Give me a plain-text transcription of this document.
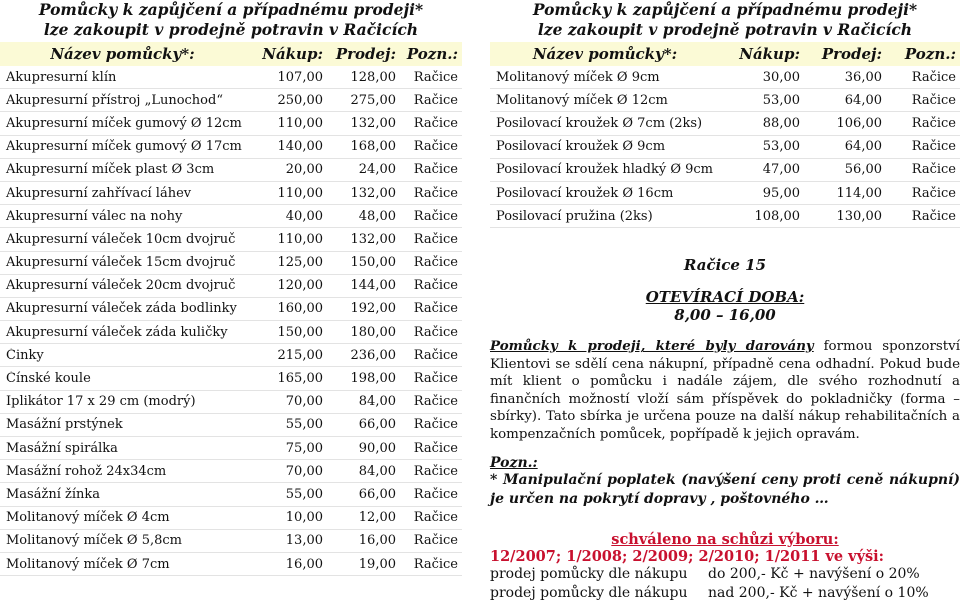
Pomůcky k zapůjčení a případnému prodeji*
lze zakoupit v prodejně potravin v Račicích
Název pomůcky*:	Nákup: Prodej: Pozn.:
Akupresurní klín	107,00	128,00	Račice
Akupresurní přístroj „Lunochod“	250,00	275,00	Račice
Akupresurní míček gumový Ø 12cm	110,00	132,00	Račice
Akupresurní míček gumový Ø 17cm	140,00	168,00	Račice
Akupresurní míček plast Ø 3cm	20,00	24,00	Račice
Akupresurní zahřívací láhev	110,00	132,00	Račice
Akupresurní válec na nohy	40,00	48,00	Račice
Akupresurní váleček 10cm dvojruč	110,00	132,00	Račice
Akupresurní váleček 15cm dvojruč	125,00	150,00	Račice
Akupresurní váleček 20cm dvojruč	120,00	144,00	Račice
Akupresurní váleček záda bodlinky	160,00	192,00	Račice
Akupresurní váleček záda kuličky	150,00	180,00	Račice
Činky	215,00	236,00	Račice
Čínské koule	165,00	198,00	Račice
Iplikátor 17 x 29 cm (modrý)	70,00	84,00	Račice
Masážní prstýnek	55,00	66,00	Račice
Masážní spirálka	75,00	90,00	Račice
Masážní rohož 24x34cm	70,00	84,00	Račice
Masážní žínka	55,00	66,00	Račice
Molitanový míček Ø 4cm	10,00	12,00	Račice
Molitanový míček Ø 5,8cm	13,00	16,00	Račice
Molitanový míček Ø 7cm	16,00	19,00	Račice
Pomůcky k zapůjčení a případnému prodeji*
lze zakoupit v prodejně potravin v Račicích
Název pomůcky*:	Nákup:	Prodej:	Pozn.:
Molitanový míček Ø 9cm	30,00	36,00	Račice
Molitanový míček Ø 12cm	53,00	64,00	Račice
Posilovací kroužek Ø 7cm (2ks)	88,00	106,00	Račice
Posilovací kroužek Ø 9cm	53,00	64,00	Račice
Posilovací kroužek hladký Ø 9cm	47,00	56,00	Račice
Posilovací kroužek Ø 16cm	95,00	114,00	Račice
Posilovací pružina (2ks)	108,00	130,00	Račice
Račice 15
OTEVÍRACÍ DOBA:
8,00 – 16,00
Pomůcky k prodeji, které byly darovány formou sponzorství Klientovi se sdělí cena nákupní, případně cena odhadní. Pokud bude mít klient o pomůcku i nadále zájem, dle svého rozhodnutí a finančních možností vloží sám příspěvek do pokladničky (forma – sbírky). Tato sbírka je určena pouze na další nákup rehabilitačních a kompenzačních pomůcek, popřípadě k jejich opravám.
Pozn.:
* Manipulační poplatek (navýšení ceny proti ceně nákupní) je určen na pokrytí dopravy , poštovného …
schváleno na schůzi výboru:
12/2007; 1/2008; 2/2009; 2/2010; 1/2011 ve výši:
prodej pomůcky dle nákupu	do 200,- Kč + navýšení o 20%
prodej pomůcky dle nákupu	nad 200,- Kč + navýšení o 10%
